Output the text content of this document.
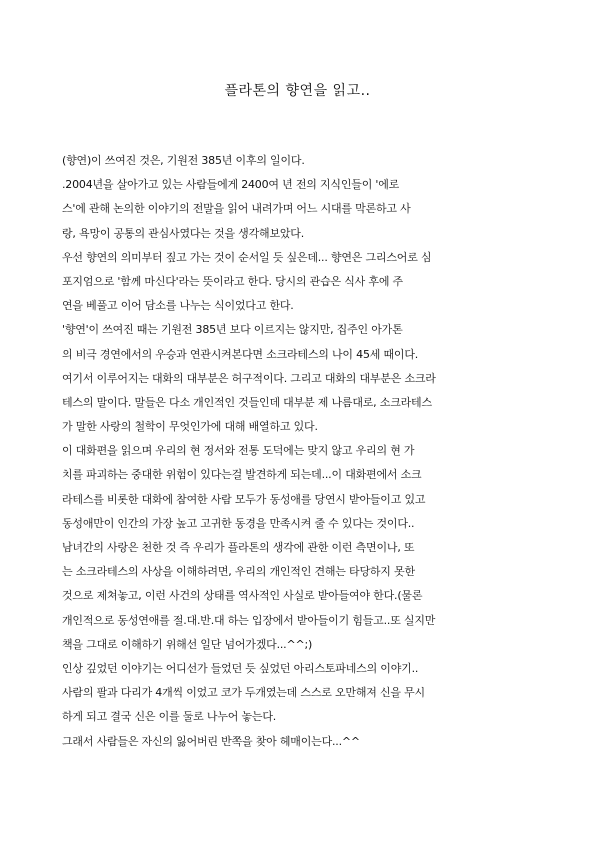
플라톤의 향연을 읽고..
(향연)이 쓰여진 것은, 기원전 385년 이후의 일이다.
.2004년을 살아가고 있는 사람들에게 2400여 년 전의 지식인들이 '에로
스'에 관해 논의한 이야기의 전말을 읽어 내려가며 어느 시대를 막론하고 사
랑, 욕망이 공통의 관심사였다는 것을 생각해보았다.
우선 향연의 의미부터 짚고 가는 것이 순서일 듯 싶은데... 향연은 그리스어로 심
포지엄으로 '함께 마신다'라는 뜻이라고 한다. 당시의 관습은 식사 후에 주
연을 베풀고 이어 담소를 나누는 식이었다고 한다.
'향연'이 쓰여진 때는 기원전 385년 보다 이르지는 않지만, 집주인 아가톤
의 비극 경연에서의 우승과 연관시켜본다면 소크라테스의 나이 45세 때이다.
여기서 이루어지는 대화의 대부분은 허구적이다. 그리고 대화의 대부분은 소크라
테스의 말이다. 말들은 다소 개인적인 것들인데 대부분 제 나름대로, 소크라테스
가 말한 사랑의 철학이 무엇인가에 대해 배열하고 있다.
이 대화편을 읽으며 우리의 현 정서와 전통 도덕에는 맞지 않고 우리의 현 가
치를 파괴하는 중대한 위험이 있다는걸 발견하게 되는데...이 대화편에서 소크
라테스를 비롯한 대화에 참여한 사람 모두가 동성애를 당연시 받아들이고 있고
동성애만이 인간의 가장 높고 고귀한 동경을 만족시켜 줄 수 있다는 것이다..
남녀간의 사랑은 천한 것 즉 우리가 플라톤의 생각에 관한 이런 측면이나, 또
는 소크라테스의 사상을 이해하려면, 우리의 개인적인 견해는 타당하지 못한
것으로 제쳐놓고, 이런 사건의 상태를 역사적인 사실로 받아들여야 한다.(물론
개인적으로 동성연애를 절.대.반.대 하는 입장에서 받아들이기 힘들고..또 실지만
책을 그대로 이해하기 위해선 일단 넘어가겠다...^^;)
인상 깊었던 이야기는 어디선가 들었던 듯 싶었던 아리스토파네스의 이야기..
사람의 팔과 다리가 4개씩 이었고 코가 두개였는데 스스로 오만해져 신을 무시
하게 되고 결국 신은 이를 둘로 나누어 놓는다.
그래서 사람들은 자신의 잃어버린 반쪽을 찾아 헤매이는다...^^
